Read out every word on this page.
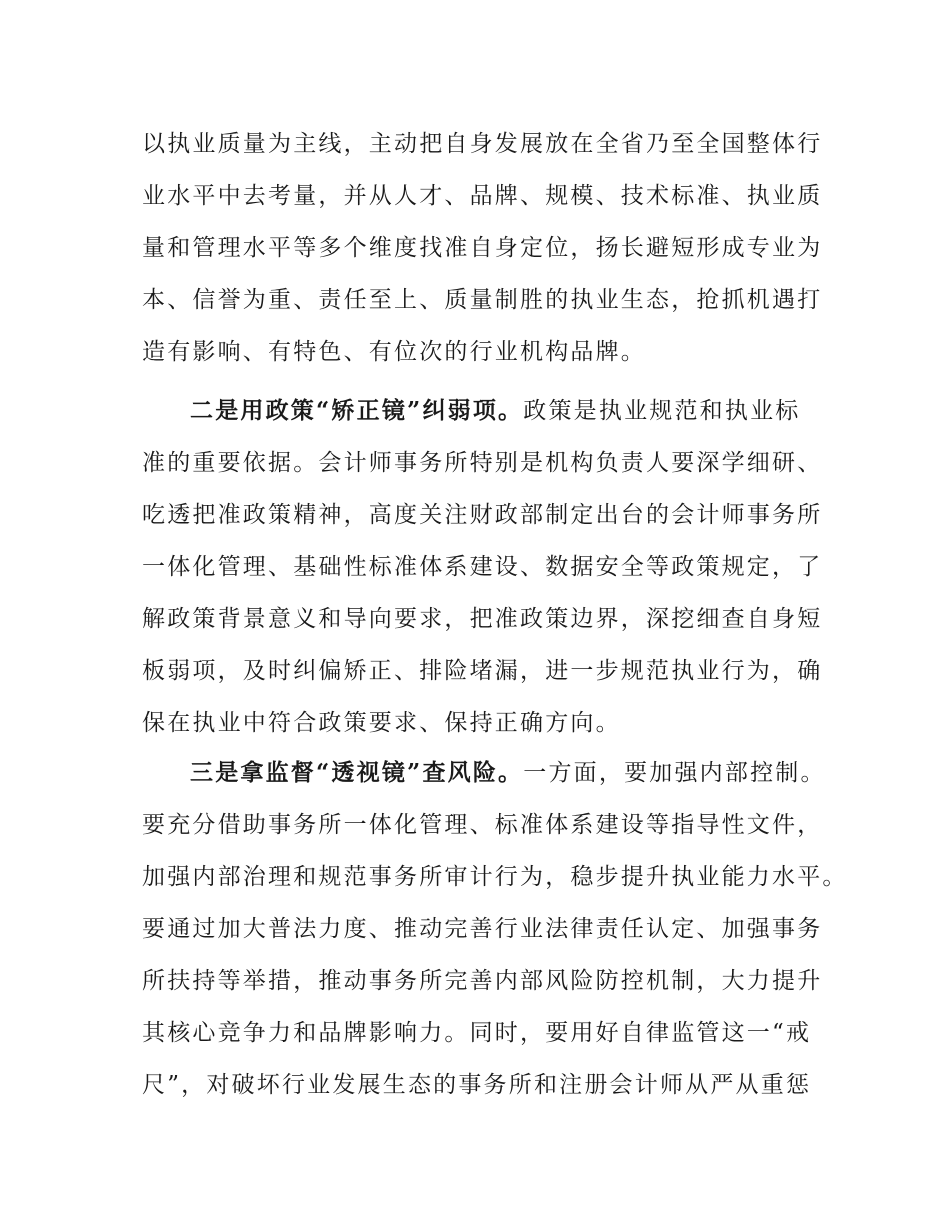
以执业质量为主线，主动把自身发展放在全省乃至全国整体行
业水平中去考量，并从人才、品牌、规模、技术标准、执业质
量和管理水平等多个维度找准自身定位，扬长避短形成专业为
本、信誉为重、责任至上、质量制胜的执业生态，抢抓机遇打
造有影响、有特色、有位次的行业机构品牌。
二是用政策“矫正镜”纠弱项。政策是执业规范和执业标
准的重要依据。会计师事务所特别是机构负责人要深学细研、
吃透把准政策精神，高度关注财政部制定出台的会计师事务所
一体化管理、基础性标准体系建设、数据安全等政策规定，了
解政策背景意义和导向要求，把准政策边界，深挖细查自身短
板弱项，及时纠偏矫正、排险堵漏，进一步规范执业行为，确
保在执业中符合政策要求、保持正确方向。
三是拿监督“透视镜”查风险。一方面，要加强内部控制。
要充分借助事务所一体化管理、标准体系建设等指导性文件，
加强内部治理和规范事务所审计行为，稳步提升执业能力水平。
要通过加大普法力度、推动完善行业法律责任认定、加强事务
所扶持等举措，推动事务所完善内部风险防控机制，大力提升
其核心竞争力和品牌影响力。同时，要用好自律监管这一“戒
尺”，对破坏行业发展生态的事务所和注册会计师从严从重惩
